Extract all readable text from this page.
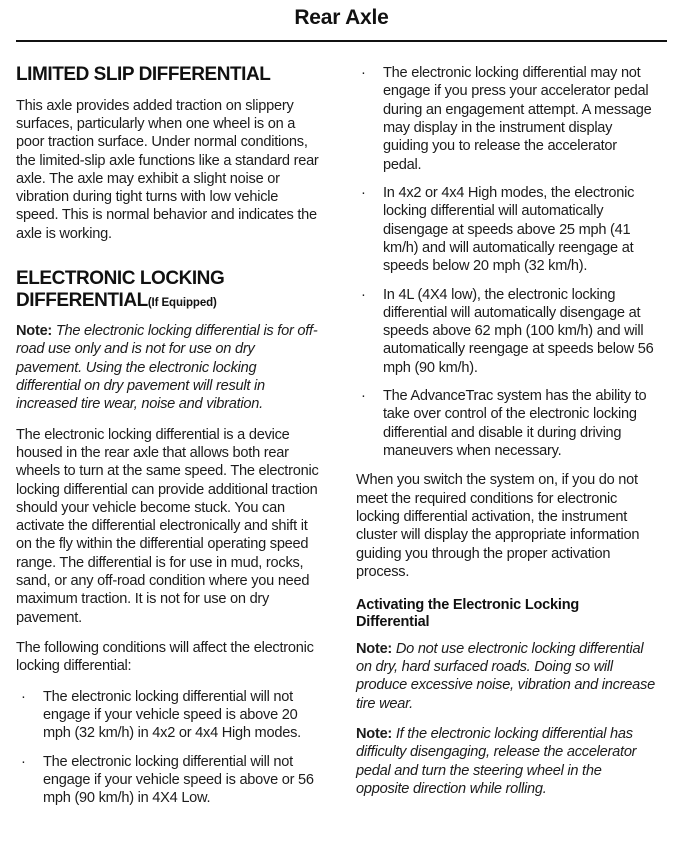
Rear Axle
LIMITED SLIP DIFFERENTIAL

This axle provides added traction on slippery surfaces, particularly when one wheel is on a poor traction surface. Under normal conditions, the limited-slip axle functions like a standard rear axle. The axle may exhibit a slight noise or vibration during tight turns with low vehicle speed. This is normal behavior and indicates the axle is working.

ELECTRONIC LOCKING DIFFERENTIAL(If Equipped)

Note: The electronic locking differential is for off-road use only and is not for use on dry pavement. Using the electronic locking differential on dry pavement will result in increased tire wear, noise and vibration.

The electronic locking differential is a device housed in the rear axle that allows both rear wheels to turn at the same speed. The electronic locking differential can provide additional traction should your vehicle become stuck. You can activate the differential electronically and shift it on the fly within the differential operating speed range. The differential is for use in mud, rocks, sand, or any off-road condition where you need maximum traction. It is not for use on dry pavement.

The following conditions will affect the electronic locking differential:

· The electronic locking differential will not engage if your vehicle speed is above 20 mph (32 km/h) in 4x2 or 4x4 High modes.
· The electronic locking differential will not engage if your vehicle speed is above or 56 mph (90 km/h) in 4X4 Low.
· The electronic locking differential may not engage if you press your accelerator pedal during an engagement attempt. A message may display in the instrument display guiding you to release the accelerator pedal.
· In 4x2 or 4x4 High modes, the electronic locking differential will automatically disengage at speeds above 25 mph (41 km/h) and will automatically reengage at speeds below 20 mph (32 km/h).
· In 4L (4X4 low), the electronic locking differential will automatically disengage at speeds above 62 mph (100 km/h) and will automatically reengage at speeds below 56 mph (90 km/h).
· The AdvanceTrac system has the ability to take over control of the electronic locking differential and disable it during driving maneuvers when necessary.

When you switch the system on, if you do not meet the required conditions for electronic locking differential activation, the instrument cluster will display the appropriate information guiding you through the proper activation process.

Activating the Electronic Locking Differential

Note: Do not use electronic locking differential on dry, hard surfaced roads. Doing so will produce excessive noise, vibration and increase tire wear.

Note: If the electronic locking differential has difficulty disengaging, release the accelerator pedal and turn the steering wheel in the opposite direction while rolling.
